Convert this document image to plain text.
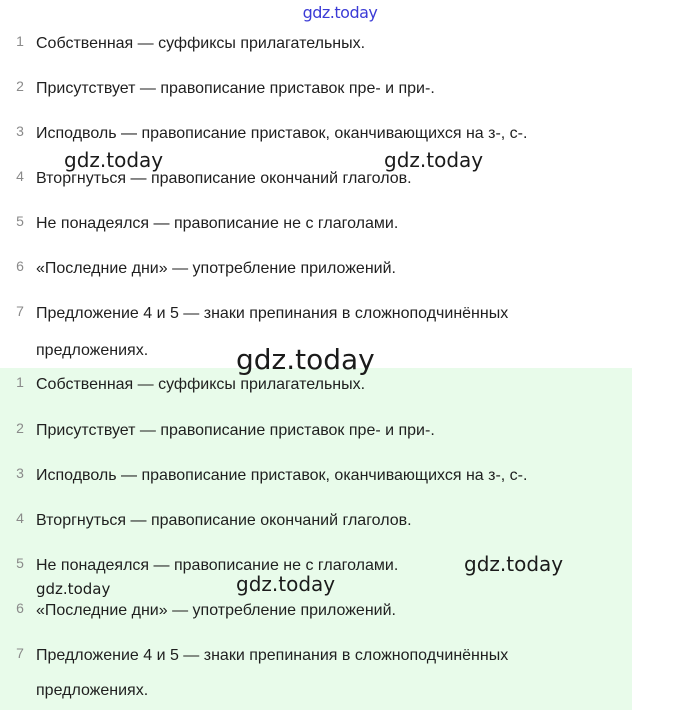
gdz.today
1 Собственная — суффиксы прилагательных.
2 Присутствует — правописание приставок пре- и при-.
3 Исподволь — правописание приставок, оканчивающихся на з-, с-.
4 Вторгнуться — правописание окончаний глаголов.
5 Не понадеялся — правописание не с глаголами.
6 «Последние дни» — употребление приложений.
7 Предложение 4 и 5 — знаки препинания в сложноподчинённых
предложениях.
1 Собственная — суффиксы прилагательных.
2 Присутствует — правописание приставок пре- и при-.
3 Исподволь — правописание приставок, оканчивающихся на з-, с-.
4 Вторгнуться — правописание окончаний глаголов.
5 Не понадеялся — правописание не с глаголами.
6 «Последние дни» — употребление приложений.
7 Предложение 4 и 5 — знаки препинания в сложноподчинённых
предложениях.
gdz.today	gdz.today
gdz.today
gdz.today
gdz.today
gdz.today
